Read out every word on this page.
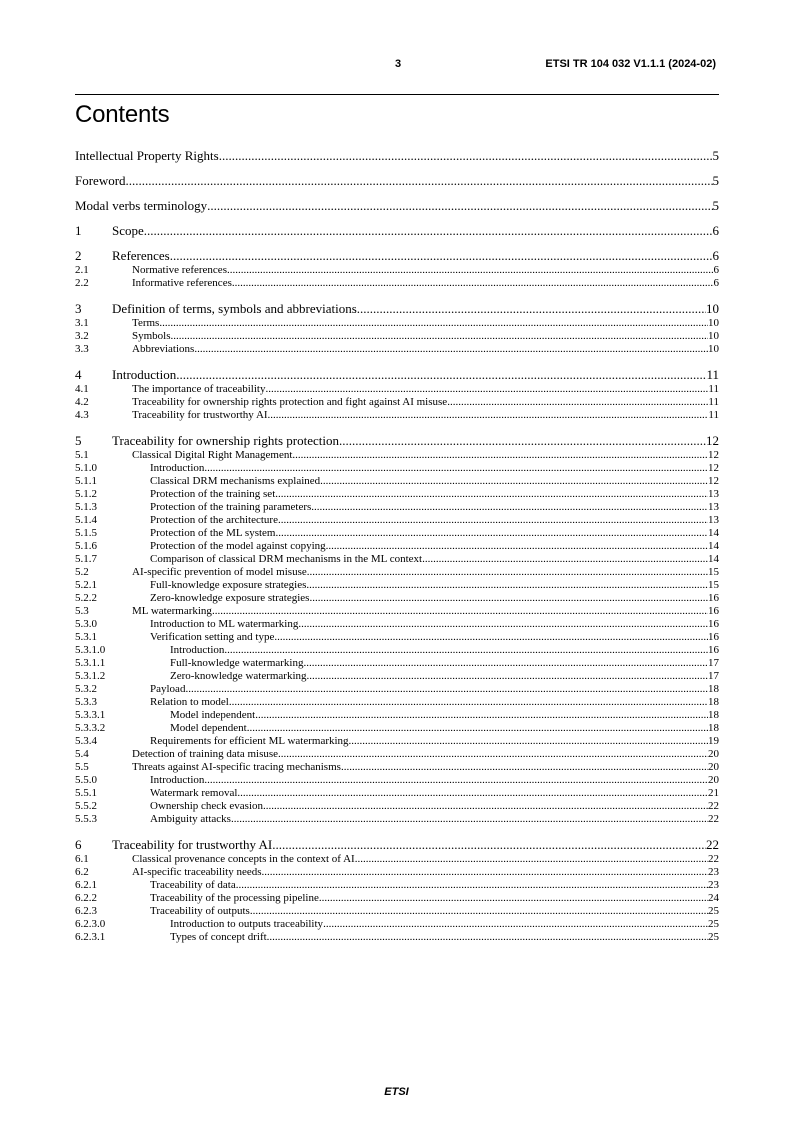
3	ETSI TR 104 032 V1.1.1 (2024-02)
Contents
Intellectual Property Rights .....	5
Foreword .....	5
Modal verbs terminology .....	5
1	Scope .....	6
2	References .....	6
2.1	Normative references .....	6
2.2	Informative references .....	6
3	Definition of terms, symbols and abbreviations .....	10
3.1	Terms .....	10
3.2	Symbols .....	10
3.3	Abbreviations .....	10
4	Introduction .....	11
4.1	The importance of traceability .....	11
4.2	Traceability for ownership rights protection and fight against AI misuse .....	11
4.3	Traceability for trustworthy AI .....	11
5	Traceability for ownership rights protection .....	12
5.1	Classical Digital Right Management .....	12
5.1.0	Introduction .....	12
5.1.1	Classical DRM mechanisms explained .....	12
5.1.2	Protection of the training set .....	13
5.1.3	Protection of the training parameters .....	13
5.1.4	Protection of the architecture .....	13
5.1.5	Protection of the ML system .....	14
5.1.6	Protection of the model against copying .....	14
5.1.7	Comparison of classical DRM mechanisms in the ML context .....	14
5.2	AI-specific prevention of model misuse .....	15
5.2.1	Full-knowledge exposure strategies .....	15
5.2.2	Zero-knowledge exposure strategies .....	16
5.3	ML watermarking .....	16
5.3.0	Introduction to ML watermarking .....	16
5.3.1	Verification setting and type .....	16
5.3.1.0	Introduction .....	16
5.3.1.1	Full-knowledge watermarking .....	17
5.3.1.2	Zero-knowledge watermarking .....	17
5.3.2	Payload .....	18
5.3.3	Relation to model .....	18
5.3.3.1	Model independent .....	18
5.3.3.2	Model dependent .....	18
5.3.4	Requirements for efficient ML watermarking .....	19
5.4	Detection of training data misuse .....	20
5.5	Threats against AI-specific tracing mechanisms .....	20
5.5.0	Introduction .....	20
5.5.1	Watermark removal .....	21
5.5.2	Ownership check evasion .....	22
5.5.3	Ambiguity attacks .....	22
6	Traceability for trustworthy AI .....	22
6.1	Classical provenance concepts in the context of AI .....	22
6.2	AI-specific traceability needs .....	23
6.2.1	Traceability of data .....	23
6.2.2	Traceability of the processing pipeline .....	24
6.2.3	Traceability of outputs .....	25
6.2.3.0	Introduction to outputs traceability .....	25
6.2.3.1	Types of concept drift .....	25
ETSI
